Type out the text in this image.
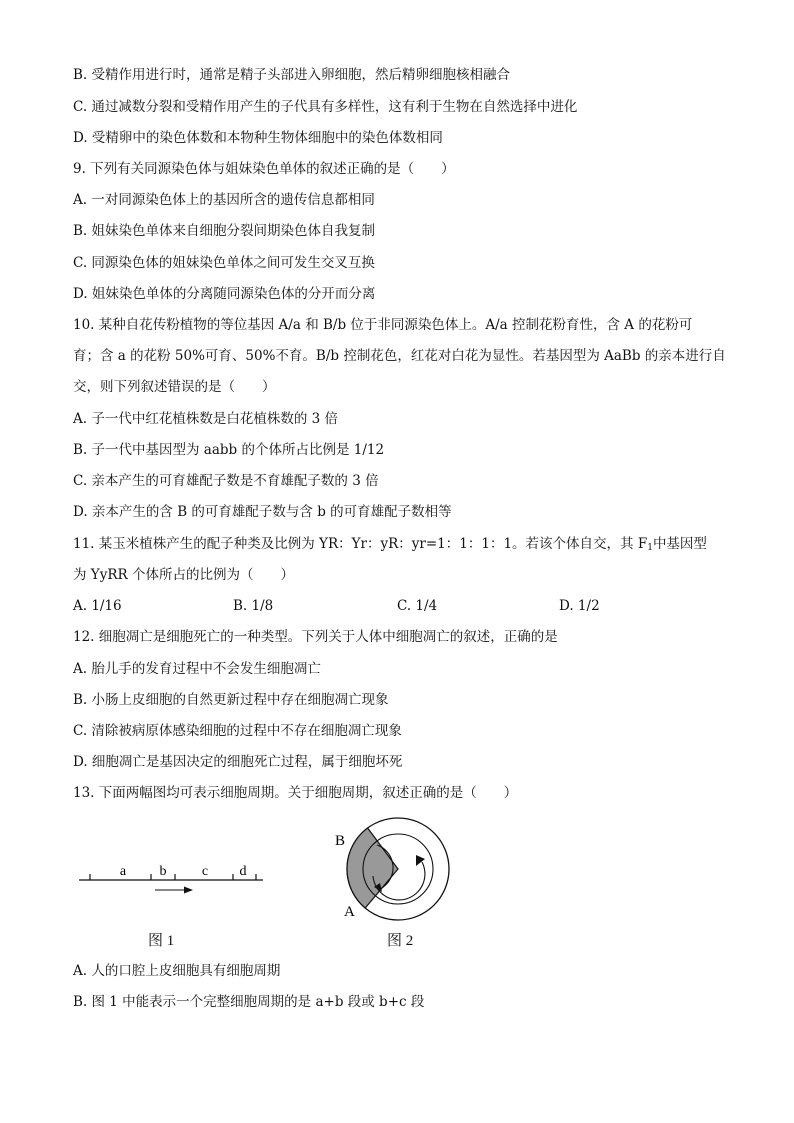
B. 受精作用进行时，通常是精子头部进入卵细胞，然后精卵细胞核相融合
C. 通过减数分裂和受精作用产生的子代具有多样性，这有利于生物在自然选择中进化
D. 受精卵中的染色体数和本物种生物体细胞中的染色体数相同
9. 下列有关同源染色体与姐妹染色单体的叙述正确的是（　　）
A. 一对同源染色体上的基因所含的遗传信息都相同
B. 姐妹染色单体来自细胞分裂间期染色体自我复制
C. 同源染色体的姐妹染色单体之间可发生交叉互换
D. 姐妹染色单体的分离随同源染色体的分开而分离
10. 某种自花传粉植物的等位基因 A/a 和 B/b 位于非同源染色体上。A/a 控制花粉育性，含 A 的花粉可
育；含 a 的花粉 50%可育、50%不育。B/b 控制花色，红花对白花为显性。若基因型为 AaBb 的亲本进行自
交，则下列叙述错误的是（　　）
A. 子一代中红花植株数是白花植株数的 3 倍
B. 子一代中基因型为 aabb 的个体所占比例是 1/12
C. 亲本产生的可育雄配子数是不育雄配子数的 3 倍
D. 亲本产生的含 B 的可育雄配子数与含 b 的可育雄配子数相等
11. 某玉米植株产生的配子种类及比例为 YR：Yr：yR：yr=1：1：1：1。若该个体自交，其 $F_1$中基因型
为 YyRR 个体所占的比例为（　　）
A. 1/16	B. 1/8	C. 1/4	D. 1/2
12. 细胞凋亡是细胞死亡的一种类型。下列关于人体中细胞凋亡的叙述，正确的是
A. 胎儿手的发育过程中不会发生细胞凋亡
B. 小肠上皮细胞的自然更新过程中存在细胞凋亡现象
C. 清除被病原体感染细胞的过程中不存在细胞凋亡现象
D. 细胞凋亡是基因决定的细胞死亡过程，属于细胞坏死
13. 下面两幅图均可表示细胞周期。关于细胞周期，叙述正确的是（　　）
a b	c d
图 1
B
A
图 2
A. 人的口腔上皮细胞具有细胞周期
B. 图 1 中能表示一个完整细胞周期的是 a+b 段或 b+c 段
